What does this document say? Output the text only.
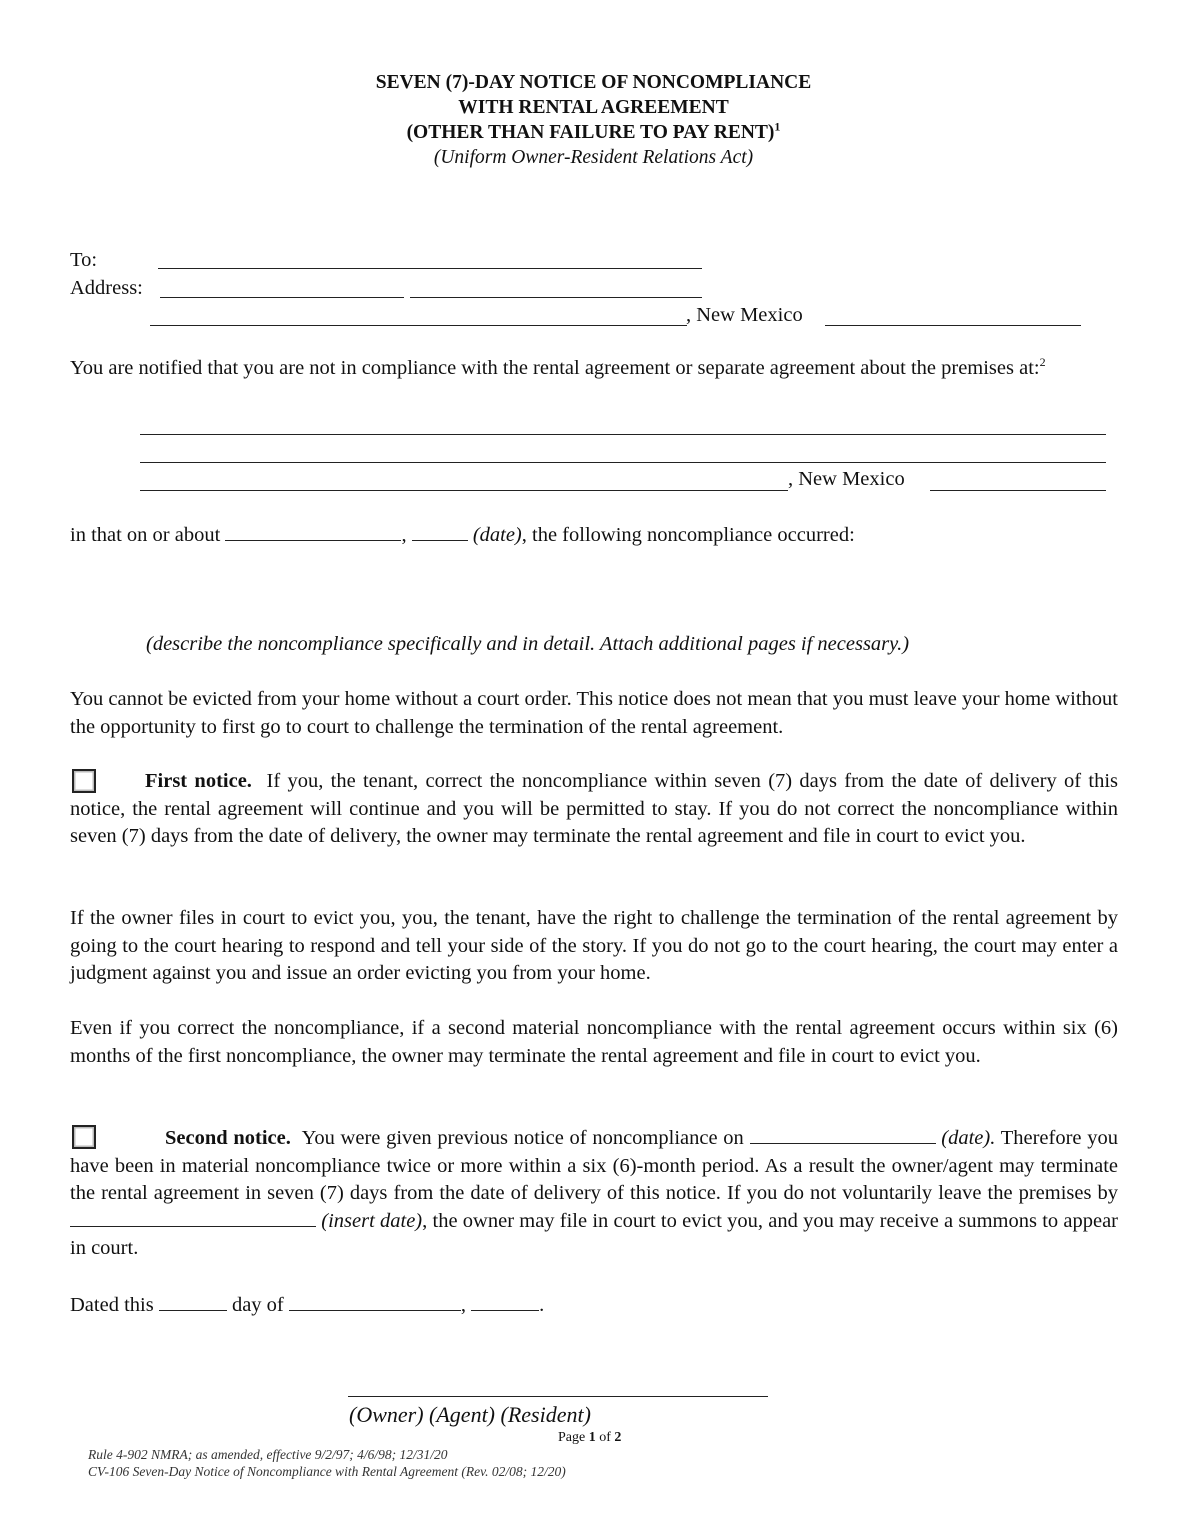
SEVEN (7)-DAY NOTICE OF NONCOMPLIANCE
WITH RENTAL AGREEMENT
(OTHER THAN FAILURE TO PAY RENT)$^1$
(Uniform Owner-Resident Relations Act)
To:
Address:
, New Mexico
You are notified that you are not in compliance with the rental agreement or separate agreement about the premises at:$^2$
, New Mexico
in that on or about	,	(date), the following noncompliance occurred:
(describe the noncompliance specifically and in detail. Attach additional pages if necessary.)
You cannot be evicted from your home without a court order. This notice does not mean that you must leave your home without the opportunity to first go to court to challenge the termination of the rental agreement.
First notice. If you, the tenant, correct the noncompliance within seven (7) days from the date of delivery of this notice, the rental agreement will continue and you will be permitted to stay. If you do not correct the noncompliance within seven (7) days from the date of delivery, the owner may terminate the rental agreement and file in court to evict you.
If the owner files in court to evict you, you, the tenant, have the right to challenge the termination of the rental agreement by going to the court hearing to respond and tell your side of the story. If you do not go to the court hearing, the court may enter a judgment against you and issue an order evicting you from your home.
Even if you correct the noncompliance, if a second material noncompliance with the rental agreement occurs within six (6) months of the first noncompliance, the owner may terminate the rental agreement and file in court to evict you.
Second notice. You were given previous notice of noncompliance on	(date). Therefore you have been in material noncompliance twice or more within a six (6)-month period. As a result the owner/agent may terminate the rental agreement in seven (7) days from the date of delivery of this notice. If you do not voluntarily leave the premises by  (insert date), the owner may file in court to evict you, and you may receive a summons to appear in court.
Dated this	day of	,	.
(Owner) (Agent) (Resident)
Page 1 of 2
Rule 4-902 NMRA; as amended, effective 9/2/97; 4/6/98; 12/31/20
CV-106 Seven-Day Notice of Noncompliance with Rental Agreement (Rev. 02/08; 12/20)
